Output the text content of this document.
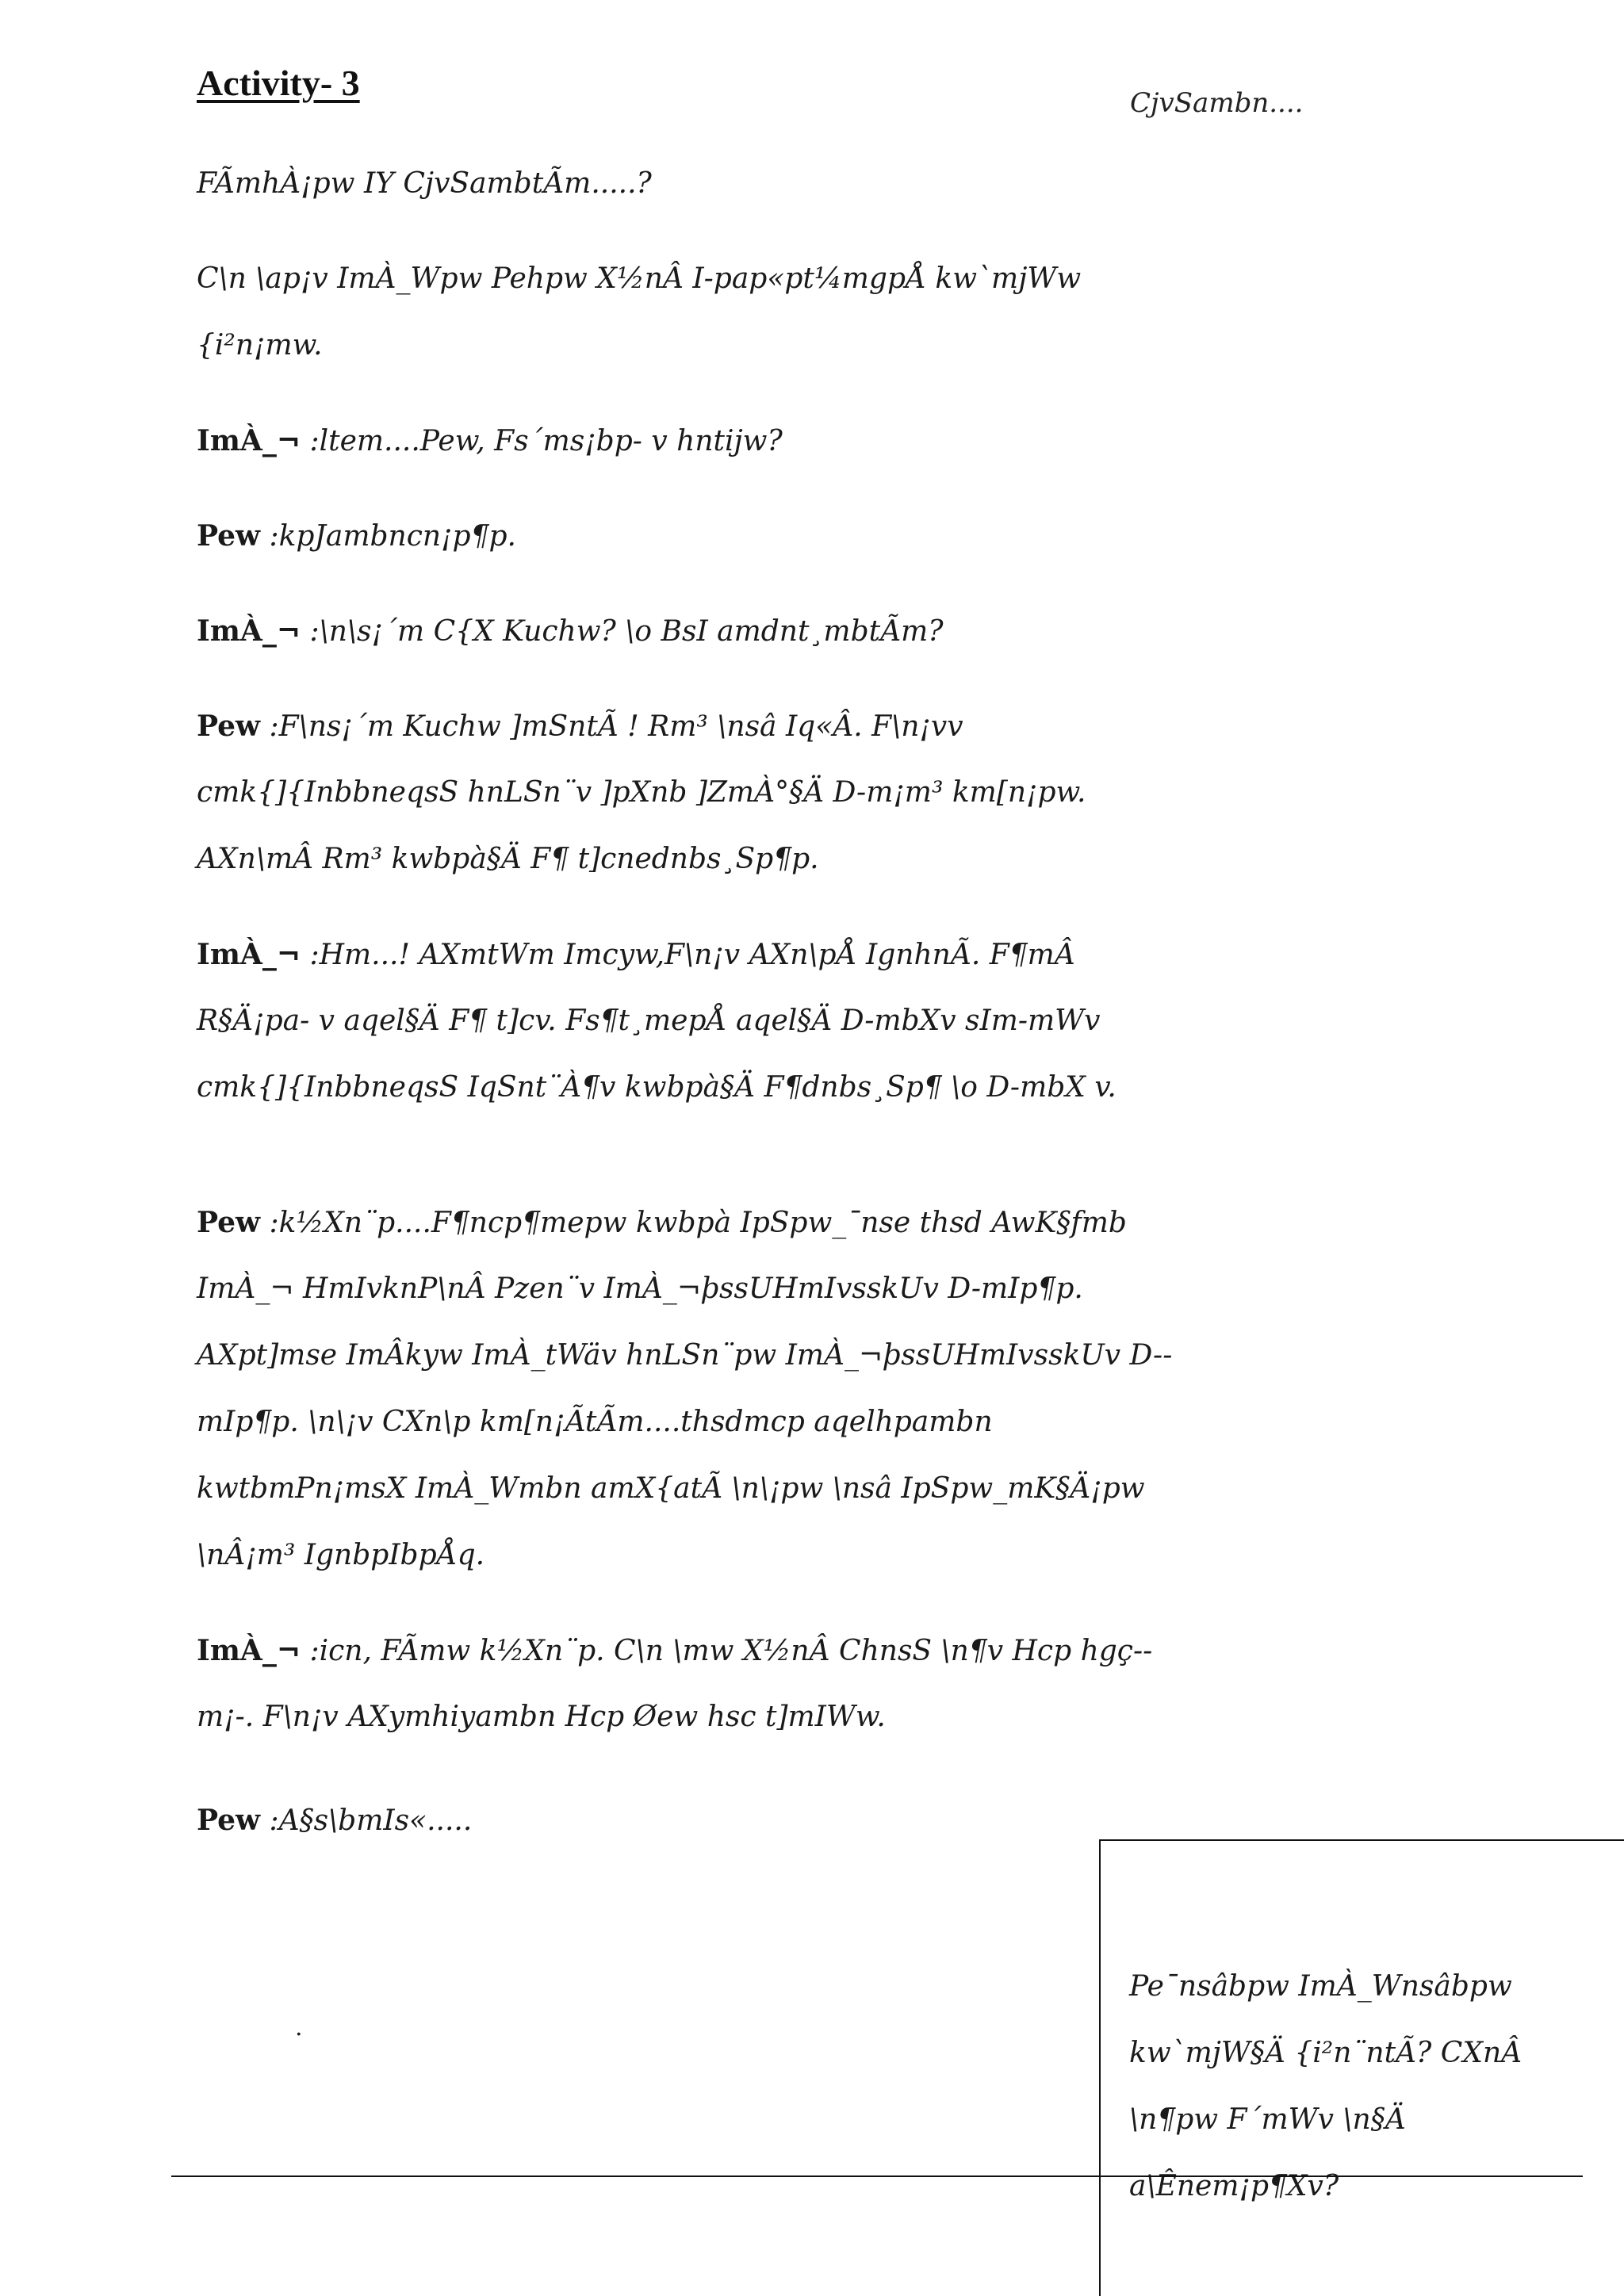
Activity- 3	CjvSambn....
FÃmhÀ¡pw IY CjvSambtÃm.....?
C\n \ap¡v ImÀ_Wpw Pehpw X½nÂ I-pap«pt¼mgpÅ kw`mjWw
{i²n¡mw.
ImÀ_¬ :ltem....Pew, Fs´ms¡bp- v hntijw?
Pew :kpJambncn¡p¶p.
ImÀ_¬ :\n\s¡´m C{X Kuchw? \o BsI amdnt¸mbtÃm?
Pew :F\ns¡´m Kuchw ]mSntÃ ! Rm³ \nsâ Iq«Â. F\n¡vv
cmk{]{InbbneqsS hnLSn¨v ]pXnb ]ZmÀ°§Ä D-m¡m³ km[n¡pw.
AXn\mÂ Rm³ kwbpà§Ä F¶ t]cnednbs¸Sp¶p.
ImÀ_¬ :Hm...! AXmtWm Imcyw,F\n¡v AXn\pÅ IgnhnÃ. F¶mÂ
R§Ä¡pa- v aqel§Ä F¶ t]cv. Fs¶t¸mepÅ aqel§Ä D-mbXv sIm-mWv
cmk{]{InbbneqsS IqSnt¨À¶v kwbpà§Ä F¶dnbs¸Sp¶ \o D-mbX v.
Pew :k½Xn¨p....F¶ncp¶mepw kwbpà IpSpw_¯nse thsd AwK§fmb
ImÀ_¬ HmIvknP\nÂ Pzen¨v ImÀ_¬þssUHmIvsskUv D-mIp¶p.
AXpt]mse ImÂkyw ImÀ_tWäv hnLSn¨pw ImÀ_¬þssUHmIvsskUv D--
mIp¶p. \n\¡v CXn\p km[n¡ÃtÃm....thsdmcp aqelhpambn
kwtbmPn¡msX ImÀ_Wmbn amX{atÃ \n\¡pw \nsâ IpSpw_mK§Ä¡pw
\nÂ¡m³ IgnbpIbpÅq.
ImÀ_¬ :icn, FÃmw k½Xn¨p. C\n \mw X½nÂ ChnsS \n¶v Hcp hgç--
m¡-. F\n¡v AXymhiyambn Hcp Øew hsc t]mIWw.
Pew :A§s\bmIs«.....
.
Pe¯nsâbpw ImÀ_Wnsâbpw
kw`mjW§Ä {i²n¨ntÃ? CXnÂ
\n¶pw F´mWv \n§Ä
a\Ênem¡p¶Xv?
